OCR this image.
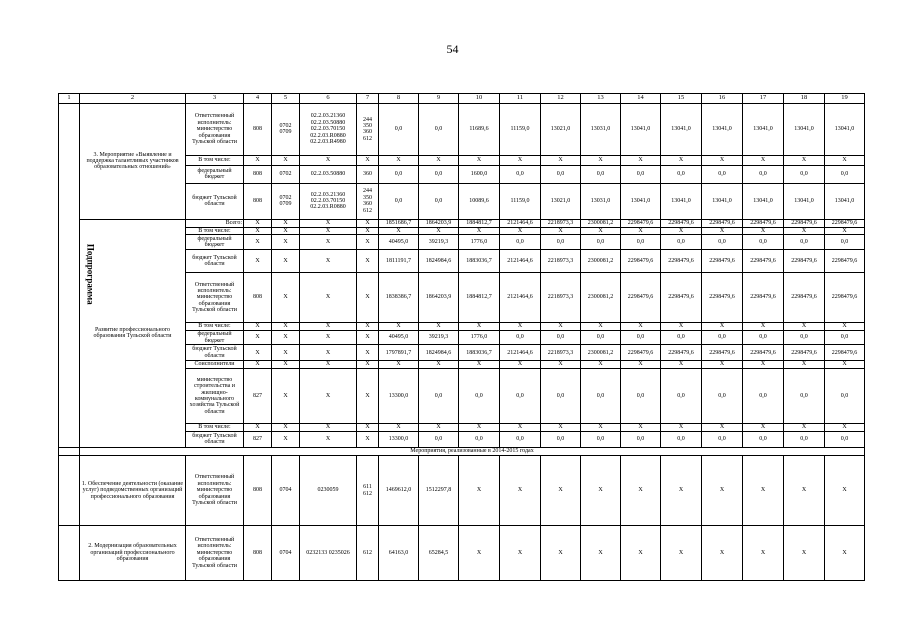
54
1	2	3	4	5	6	7	8	9	10	11	12	13	14	15	16	17	18	19
Подпрограмма	3. Мероприятие «Выявление и поддержка талантливых участников образовательных отношений»	Ответственный исполнитель: министерство образования Тульской области	808	0702 0709	02.2.03.21360 02.2.03.50880 02.2.03.70150 02.2.03.R0880 02.2.03.R4980	244 350 360 612	0,0	0,0	11689,6	11159,0	13021,0	13031,0	13041,0	13041,0	13041,0	13041,0	13041,0	13041,0
		В том числе:	X	X	X	X	X	X	X	X	X	X	X	X	X	X	X	X
		федеральный бюджет	808	0702	02.2.03.50880	360	0,0	0,0	1600,0	0,0	0,0	0,0	0,0	0,0	0,0	0,0	0,0	0,0
		бюджет Тульской области	808	0702 0709	02.2.03.21360 02.2.03.70150 02.2.03.R0880	244 350 360 612	0,0	0,0	10089,6	11159,0	13021,0	13031,0	13041,0	13041,0	13041,0	13041,0	13041,0	13041,0
	Развитие профессионального образования Тульской области	Всего:	X	X	X	X	1851686,7	1864203,9	1884812,7	2121464,6	2218973,3	2300081,2	2298479,6	2298479,6	2298479,6	2298479,6	2298479,6	2298479,6
		В том числе:	X	X	X	X	X	X	X	X	X	X	X	X	X	X	X	X
		федеральный бюджет	X	X	X	X	40495,0	39219,3	1776,0	0,0	0,0	0,0	0,0	0,0	0,0	0,0	0,0	0,0
		бюджет Тульской области	X	X	X	X	1811191,7	1824984,6	1883036,7	2121464,6	2218973,3	2300081,2	2298479,6	2298479,6	2298479,6	2298479,6	2298479,6	2298479,6
		Ответственный исполнитель: министерство образования Тульской области	808	X	X	X	1838386,7	1864203,9	1884812,7	2121464,6	2218973,3	2300081,2	2298479,6	2298479,6	2298479,6	2298479,6	2298479,6	2298479,6
		В том числе:	X	X	X	X	X	X	X	X	X	X	X	X	X	X	X	X
		федеральный бюджет	X	X	X	X	40495,0	39219,3	1776,0	0,0	0,0	0,0	0,0	0,0	0,0	0,0	0,0	0,0
		бюджет Тульской области	X	X	X	X	1797891,7	1824984,6	1883036,7	2121464,6	2218973,3	2300081,2	2298479,6	2298479,6	2298479,6	2298479,6	2298479,6	2298479,6
		Соисполнители	X	X	X	X	X	X	X	X	X	X	X	X	X	X	X	X
		министерство строительства и жилищно-коммунального хозяйства Тульской области	827	X	X	X	13300,0	0,0	0,0	0,0	0,0	0,0	0,0	0,0	0,0	0,0	0,0	0,0
		В том числе:	X	X	X	X	X	X	X	X	X	X	X	X	X	X	X	X
		бюджет Тульской области	827	X	X	X	13300,0	0,0	0,0	0,0	0,0	0,0	0,0	0,0	0,0	0,0	0,0	0,0
	Мероприятия, реализованные в 2014-2015 годах																	
	1. Обеспечение деятельности (оказание услуг) подведомственных организаций профессионального образования	Ответственный исполнитель: министерство образования Тульской области	808	0704	0230059	611 612	1469612,0	1512297,8	X	X	X	X	X	X	X	X	X	X
	2. Модернизация образовательных организаций профессионального образования	Ответственный исполнитель: министерство образования Тульской области	808	0704	0232133 0235026	612	64163,0	65284,5	X	X	X	X	X	X	X	X	X	X
